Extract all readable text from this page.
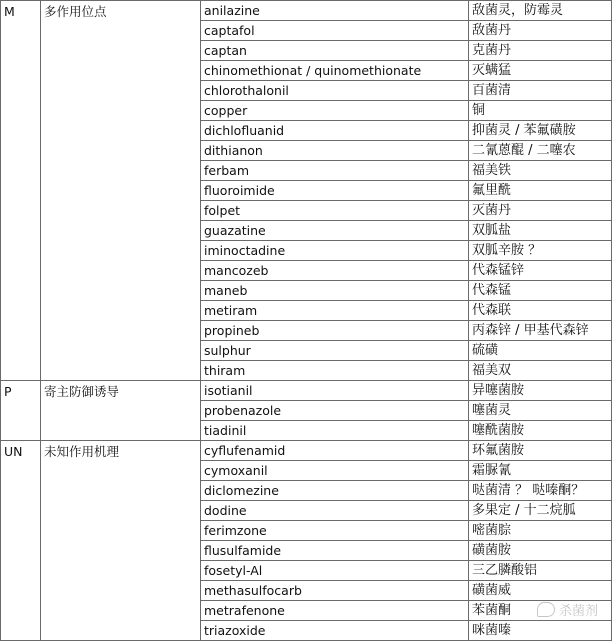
M	多作用位点	anilazine	敌菌灵，防霉灵
		captafol	敌菌丹
		captan	克菌丹
		chinomethionat / quinomethionate	灭螨猛
		chlorothalonil	百菌清
		copper	铜
		dichlofluanid	抑菌灵 / 苯氟磺胺
		dithianon	二氰蒽醌 / 二噻农
		ferbam	福美铁
		fluoroimide	氟里酰
		folpet	灭菌丹
		guazatine	双胍盐
		iminoctadine	双胍辛胺 ？
		mancozeb	代森锰锌
		maneb	代森锰
		metiram	代森联
		propineb	丙森锌 / 甲基代森锌
		sulphur	硫磺
		thiram	福美双
P	寄主防御诱导	isotianil	异噻菌胺
		probenazole	噻菌灵
		tiadinil	噻酰菌胺
UN	未知作用机理	cyflufenamid	环氟菌胺
		cymoxanil	霜脲氰
		diclomezine	哒菌清 ？ 哒嗪酮？
		dodine	多果定 / 十二烷胍
		ferimzone	嘧菌腙
		flusulfamide	磺菌胺
		fosetyl-Al	三乙膦酸铝
		methasulfocarb	磺菌威
		metrafenone	苯菌酮
		triazoxide	咪菌嗪
杀菌剂
